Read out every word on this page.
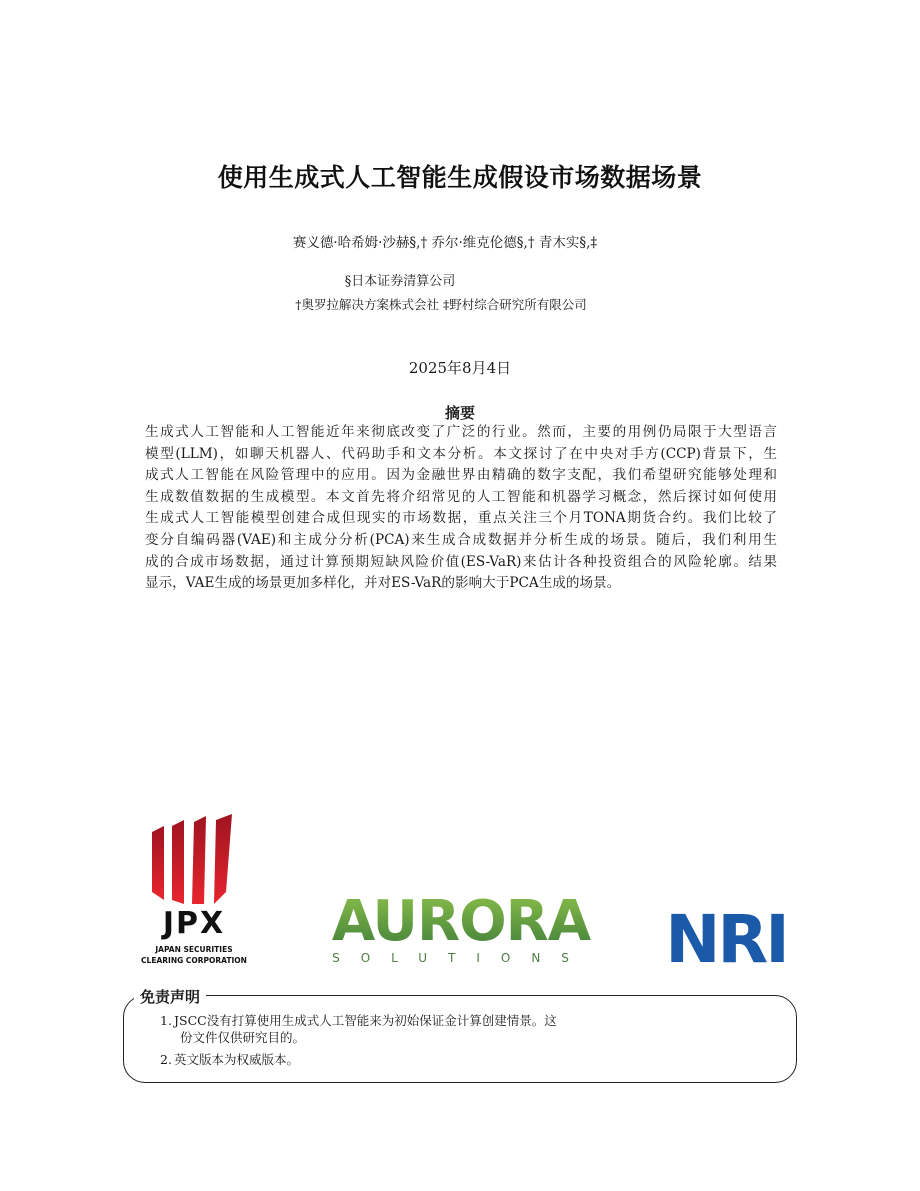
使用生成式人工智能生成假设市场数据场景
赛义德·哈希姆·沙赫§,† 乔尔·维克伦德§,† 青木实§,‡
§日本证券清算公司
†奥罗拉解决方案株式会社 ‡野村综合研究所有限公司
2025年8月4日
摘要
生成式人工智能和人工智能近年来彻底改变了广泛的行业。然而，主要的用例仍局限于大型语言
模型(LLM)，如聊天机器人、代码助手和文本分析。本文探讨了在中央对手方(CCP)背景下，生
成式人工智能在风险管理中的应用。因为金融世界由精确的数字支配，我们希望研究能够处理和
生成数值数据的生成模型。本文首先将介绍常见的人工智能和机器学习概念，然后探讨如何使用
生成式人工智能模型创建合成但现实的市场数据，重点关注三个月TONA期货合约。我们比较了
变分自编码器(VAE)和主成分分析(PCA)来生成合成数据并分析生成的场景。随后，我们利用生
成的合成市场数据，通过计算预期短缺风险价值(ES-VaR)来估计各种投资组合的风险轮廓。结果
显示，VAE生成的场景更加多样化，并对ES-VaR的影响大于PCA生成的场景。
JPX
JAPAN SECURITIES
CLEARING CORPORATION
AURORA
SOLUTIONS NRI
免责声明
1. JSCC没有打算使用生成式人工智能来为初始保证金计算创建情景。这
份文件仅供研究目的。
2. 英文版本为权威版本。
